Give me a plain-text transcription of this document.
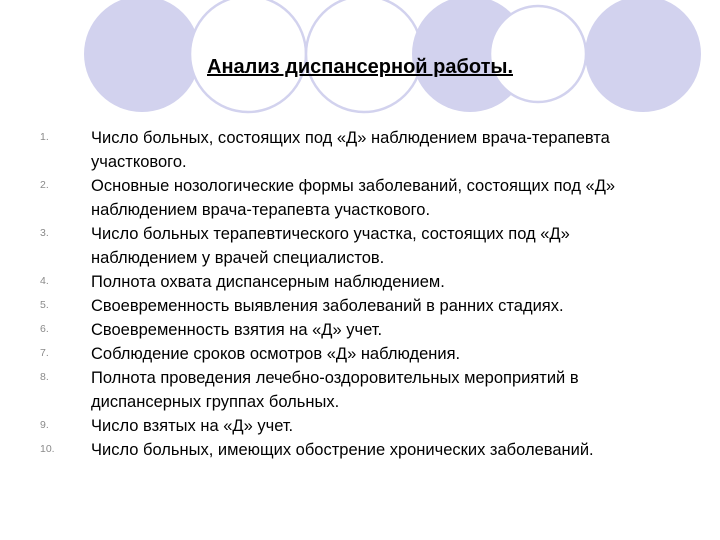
Анализ диспансерной работы.
1.	Число больных, состоящих под «Д» наблюдением врача-терапевта участкового.
2.	Основные нозологические формы заболеваний, состоящих под «Д» наблюдением врача-терапевта участкового.
3.	Число больных терапевтического участка, состоящих под «Д» наблюдением у врачей специалистов.
4.	Полнота охвата диспансерным наблюдением.
5.	Своевременность выявления заболеваний в ранних стадиях.
6.	Своевременность взятия на «Д» учет.
7.	Соблюдение сроков осмотров «Д» наблюдения.
8.	Полнота проведения лечебно-оздоровительных мероприятий в диспансерных группах больных.
9.	Число взятых на «Д» учет.
10. Число больных, имеющих обострение хронических заболеваний.
